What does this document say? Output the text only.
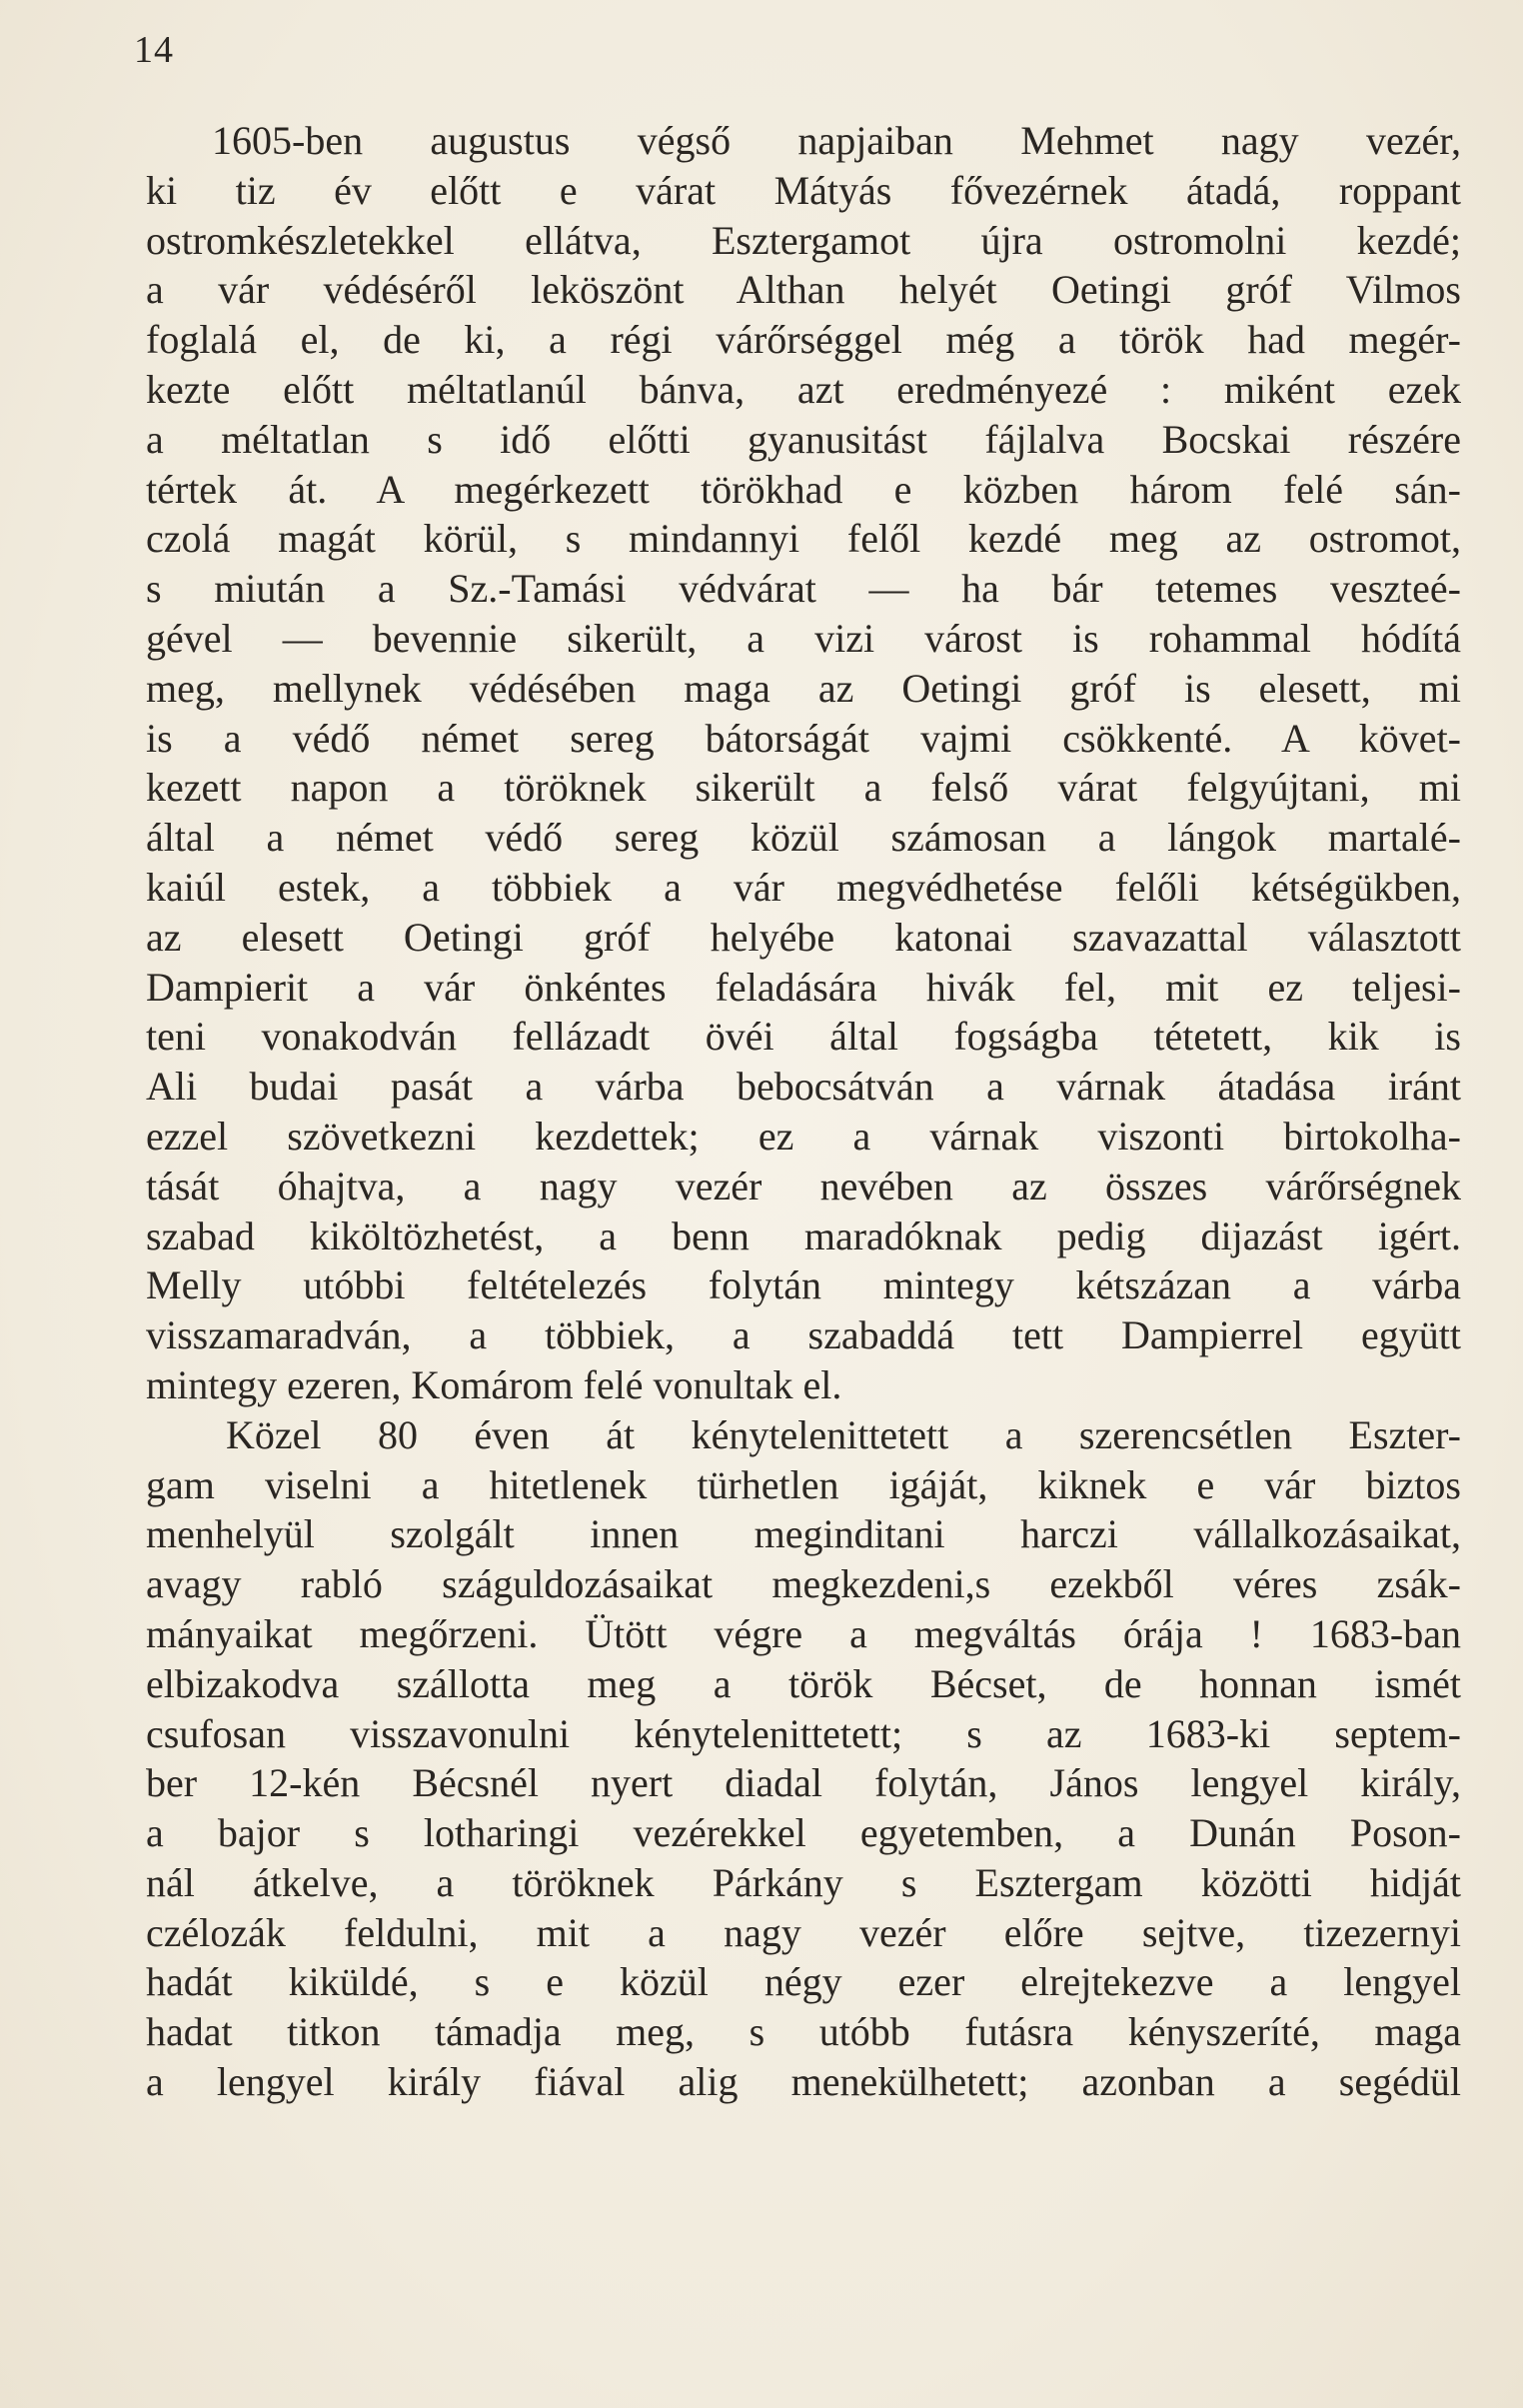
14
1605-ben augustus végső napjaiban Mehmet nagy vezér,
ki tiz év előtt e várat Mátyás fővezérnek átadá, roppant
ostromkészletekkel ellátva, Esztergamot újra ostromolni kezdé;
a vár védéséről leköszönt Althan helyét Oetingi gróf Vilmos
foglalá el, de ki, a régi várőrséggel még a török had megér-
kezte előtt méltatlanúl bánva, azt eredményezé : miként ezek
a méltatlan s idő előtti gyanusitást fájlalva Bocskai részére
tértek át. A megérkezett törökhad e közben három felé sán-
czolá magát körül, s mindannyi felől kezdé meg az ostromot,
s miután a Sz.-Tamási védvárat — ha bár tetemes veszteé-
gével — bevennie sikerült, a vizi várost is rohammal hódítá
meg, mellynek védésében maga az Oetingi gróf is elesett, mi
is a védő német sereg bátorságát vajmi csökkenté. A követ-
kezett napon a töröknek sikerült a felső várat felgyújtani, mi
által a német védő sereg közül számosan a lángok martalé-
kaiúl estek, a többiek a vár megvédhetése felőli kétségükben,
az elesett Oetingi gróf helyébe katonai szavazattal választott
Dampierit a vár önkéntes feladására hivák fel, mit ez teljesi-
teni vonakodván fellázadt övéi által fogságba tétetett, kik is
Ali budai pasát a várba bebocsátván a várnak átadása iránt
ezzel szövetkezni kezdettek; ez a várnak viszonti birtokolha-
tását óhajtva, a nagy vezér nevében az összes várőrségnek
szabad kiköltözhetést, a benn maradóknak pedig dijazást igért.
Melly utóbbi feltételezés folytán mintegy kétszázan a várba
visszamaradván, a többiek, a szabaddá tett Dampierrel együtt
mintegy ezeren, Komárom felé vonultak el.
Közel 80 éven át kénytelenittetett a szerencsétlen Eszter-
gam viselni a hitetlenek türhetlen igáját, kiknek e vár biztos
menhelyül szolgált innen meginditani harczi vállalkozásaikat,
avagy rabló száguldozásaikat megkezdeni,s ezekből véres zsák-
mányaikat megőrzeni. Ütött végre a megváltás órája ! 1683-ban
elbizakodva szállotta meg a török Bécset, de honnan ismét
csufosan visszavonulni kénytelenittetett; s az 1683-ki septem-
ber 12-kén Bécsnél nyert diadal folytán, János lengyel király,
a bajor s lotharingi vezérekkel egyetemben, a Dunán Poson-
nál átkelve, a töröknek Párkány s Esztergam közötti hidját
czélozák feldulni, mit a nagy vezér előre sejtve, tizezernyi
hadát kiküldé, s e közül négy ezer elrejtekezve a lengyel
hadat titkon támadja meg, s utóbb futásra kényszeríté, maga
a lengyel király fiával alig menekülhetett; azonban a segédül
